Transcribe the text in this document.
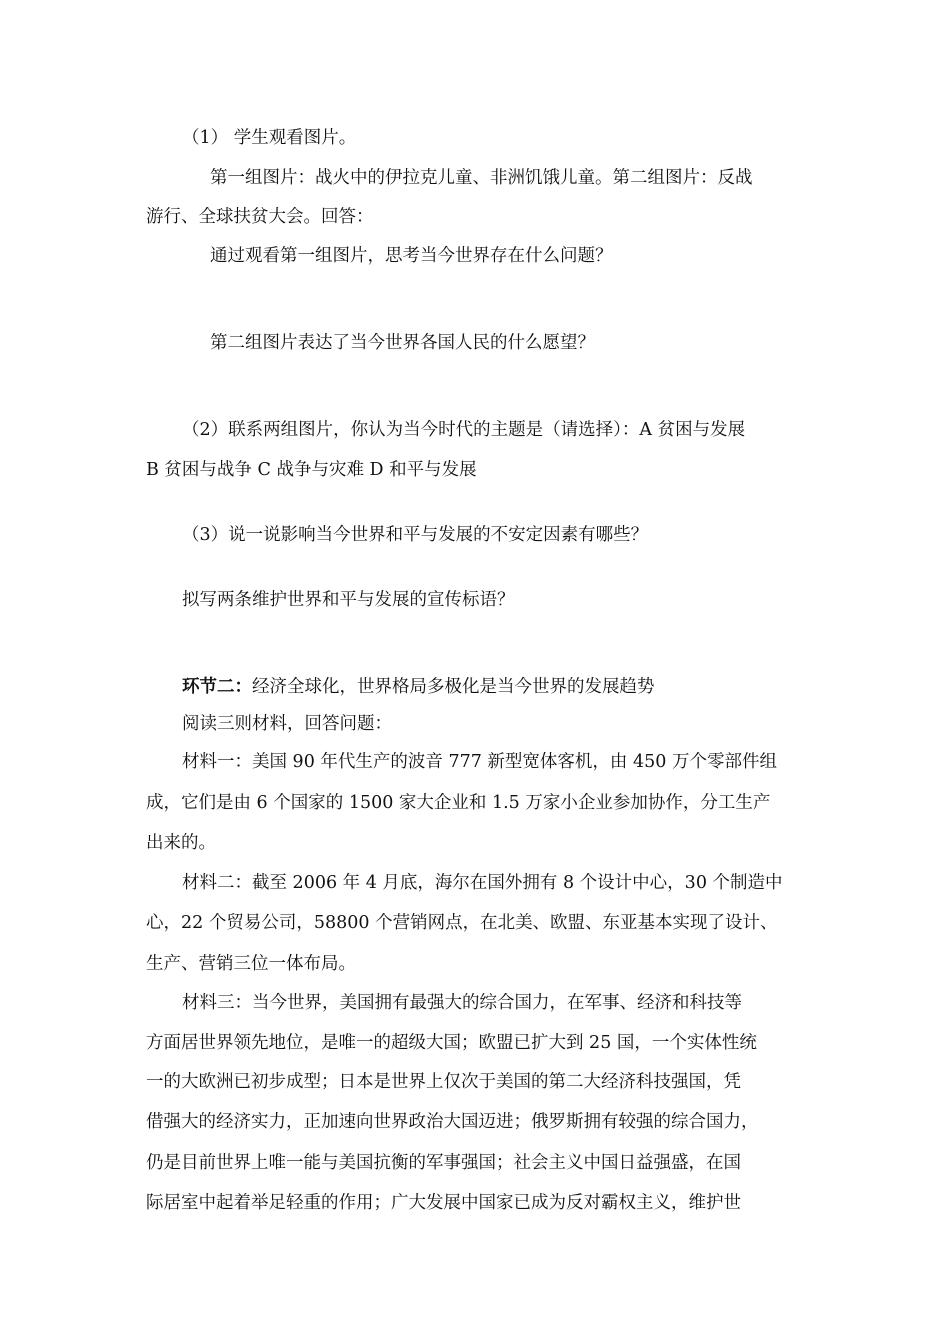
（1） 学生观看图片。
第一组图片：战火中的伊拉克儿童、非洲饥饿儿童。第二组图片：反战
游行、全球扶贫大会。回答：
通过观看第一组图片，思考当今世界存在什么问题？
第二组图片表达了当今世界各国人民的什么愿望？
（2）联系两组图片，你认为当今时代的主题是（请选择）：A 贫困与发展
B 贫困与战争 C 战争与灾难 D 和平与发展
（3）说一说影响当今世界和平与发展的不安定因素有哪些？
拟写两条维护世界和平与发展的宣传标语？
环节二：经济全球化，世界格局多极化是当今世界的发展趋势
阅读三则材料，回答问题：
材料一：美国 90 年代生产的波音 777 新型宽体客机，由 450 万个零部件组
成，它们是由 6 个国家的 1500 家大企业和 1.5 万家小企业参加协作，分工生产
出来的。
材料二：截至 2006 年 4 月底，海尔在国外拥有 8 个设计中心，30 个制造中
心，22 个贸易公司，58800 个营销网点，在北美、欧盟、东亚基本实现了设计、
生产、营销三位一体布局。
材料三：当今世界，美国拥有最强大的综合国力，在军事、经济和科技等
方面居世界领先地位，是唯一的超级大国；欧盟已扩大到 25 国，一个实体性统
一的大欧洲已初步成型；日本是世界上仅次于美国的第二大经济科技强国，凭
借强大的经济实力，正加速向世界政治大国迈进；俄罗斯拥有较强的综合国力，
仍是目前世界上唯一能与美国抗衡的军事强国；社会主义中国日益强盛，在国
际居室中起着举足轻重的作用；广大发展中国家已成为反对霸权主义，维护世
